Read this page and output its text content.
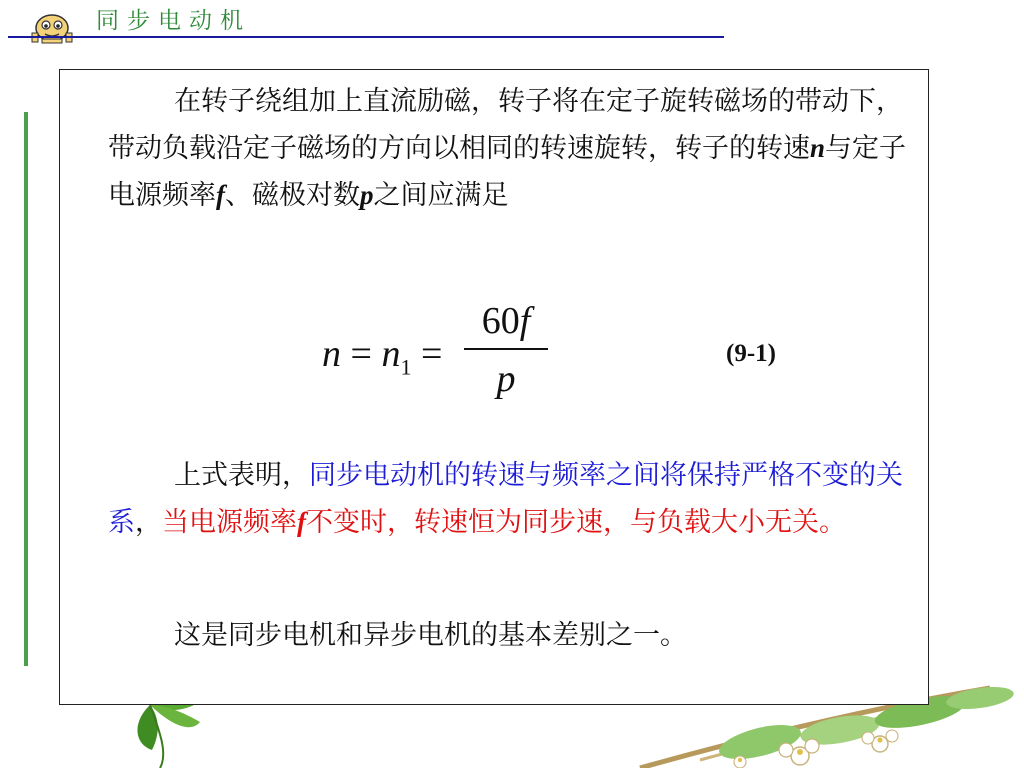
同步电动机
在转子绕组加上直流励磁，转子将在定子旋转磁场的带动下，带动负载沿定子磁场的方向以相同的转速旋转，转子的转速n与定子电源频率f、磁极对数p之间应满足
$n = n_1$ =
60f
p
(9-1)
上式表明，同步电动机的转速与频率之间将保持严格不变的关系，当电源频率f不变时，转速恒为同步速，与负载大小无关。
这是同步电机和异步电机的基本差别之一。
